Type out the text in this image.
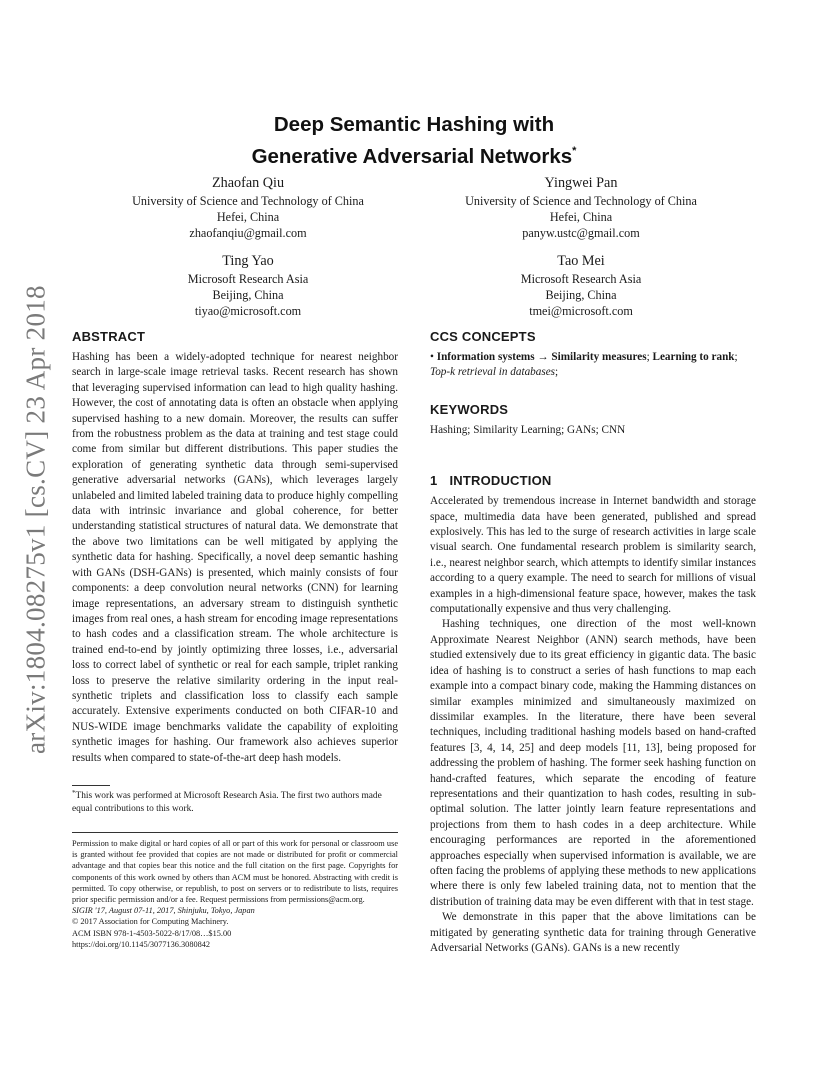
arXiv:1804.08275v1 [cs.CV] 23 Apr 2018
Deep Semantic Hashing with
Generative Adversarial Networks*
Zhaofan Qiu
University of Science and Technology of China
Hefei, China
zhaofanqiu@gmail.com
Yingwei Pan
University of Science and Technology of China
Hefei, China
panyw.ustc@gmail.com
Ting Yao
Microsoft Research Asia
Beijing, China
tiyao@microsoft.com
Tao Mei
Microsoft Research Asia
Beijing, China
tmei@microsoft.com
ABSTRACT

Hashing has been a widely-adopted technique for nearest neighbor search in large-scale image retrieval tasks. Recent research has shown that leveraging supervised information can lead to high quality hashing. However, the cost of annotating data is often an obstacle when applying supervised hashing to a new domain. Moreover, the results can suffer from the robustness problem as the data at training and test stage could come from similar but different distributions. This paper studies the exploration of generating synthetic data through semi-supervised generative adversarial networks (GANs), which leverages largely unlabeled and limited labeled training data to produce highly compelling data with intrinsic invariance and global coherence, for better understanding statistical structures of natural data. We demonstrate that the above two limitations can be well mitigated by applying the synthetic data for hashing. Specifically, a novel deep semantic hashing with GANs (DSH-GANs) is presented, which mainly consists of four components: a deep convolution neural networks (CNN) for learning image representations, an adversary stream to distinguish synthetic images from real ones, a hash stream for encoding image representations to hash codes and a classification stream. The whole architecture is trained end-to-end by jointly optimizing three losses, i.e., adversarial loss to correct label of synthetic or real for each sample, triplet ranking loss to preserve the relative similarity ordering in the input real-synthetic triplets and classification loss to classify each sample accurately. Extensive experiments conducted on both CIFAR-10 and NUS-WIDE image benchmarks validate the capability of exploiting synthetic images for hashing. Our framework also achieves superior results when compared to state-of-the-art deep hash models.

*This work was performed at Microsoft Research Asia. The first two authors made equal contributions to this work.
Permission to make digital or hard copies of all or part of this work for personal or classroom use is granted without fee provided that copies are not made or distributed for profit or commercial advantage and that copies bear this notice and the full citation on the first page. Copyrights for components of this work owned by others than ACM must be honored. Abstracting with credit is permitted. To copy otherwise, or republish, to post on servers or to redistribute to lists, requires prior specific permission and/or a fee. Request permissions from permissions@acm.org.
SIGIR '17, August 07-11, 2017, Shinjuku, Tokyo, Japan
© 2017 Association for Computing Machinery.
ACM ISBN 978-1-4503-5022-8/17/08…$15.00
https://doi.org/10.1145/3077136.3080842
CCS CONCEPTS

• Information systems → Similarity measures; Learning to rank; Top-k retrieval in databases;

KEYWORDS

Hashing; Similarity Learning; GANs; CNN

1 INTRODUCTION

Accelerated by tremendous increase in Internet bandwidth and storage space, multimedia data have been generated, published and spread explosively. This has led to the surge of research activities in large scale visual search. One fundamental research problem is similarity search, i.e., nearest neighbor search, which attempts to identify similar instances according to a query example. The need to search for millions of visual examples in a high-dimensional feature space, however, makes the task computationally expensive and thus very challenging.

Hashing techniques, one direction of the most well-known Approximate Nearest Neighbor (ANN) search methods, have been studied extensively due to its great efficiency in gigantic data. The basic idea of hashing is to construct a series of hash functions to map each example into a compact binary code, making the Hamming distances on similar examples minimized and simultaneously maximized on dissimilar examples. In the literature, there have been several techniques, including traditional hashing models based on hand-crafted features [3, 4, 14, 25] and deep models [11, 13], being proposed for addressing the problem of hashing. The former seek hashing function on hand-crafted features, which separate the encoding of feature representations and their quantization to hash codes, resulting in sub-optimal solution. The latter jointly learn feature representations and projections from them to hash codes in a deep architecture. While encouraging performances are reported in the aforementioned approaches especially when supervised information is available, we are often facing the problems of applying these methods to new applications where there is only few labeled training data, not to mention that the distribution of training data may be even different with that in test stage.

We demonstrate in this paper that the above limitations can be mitigated by generating synthetic data for training through Generative Adversarial Networks (GANs). GANs is a new recently
